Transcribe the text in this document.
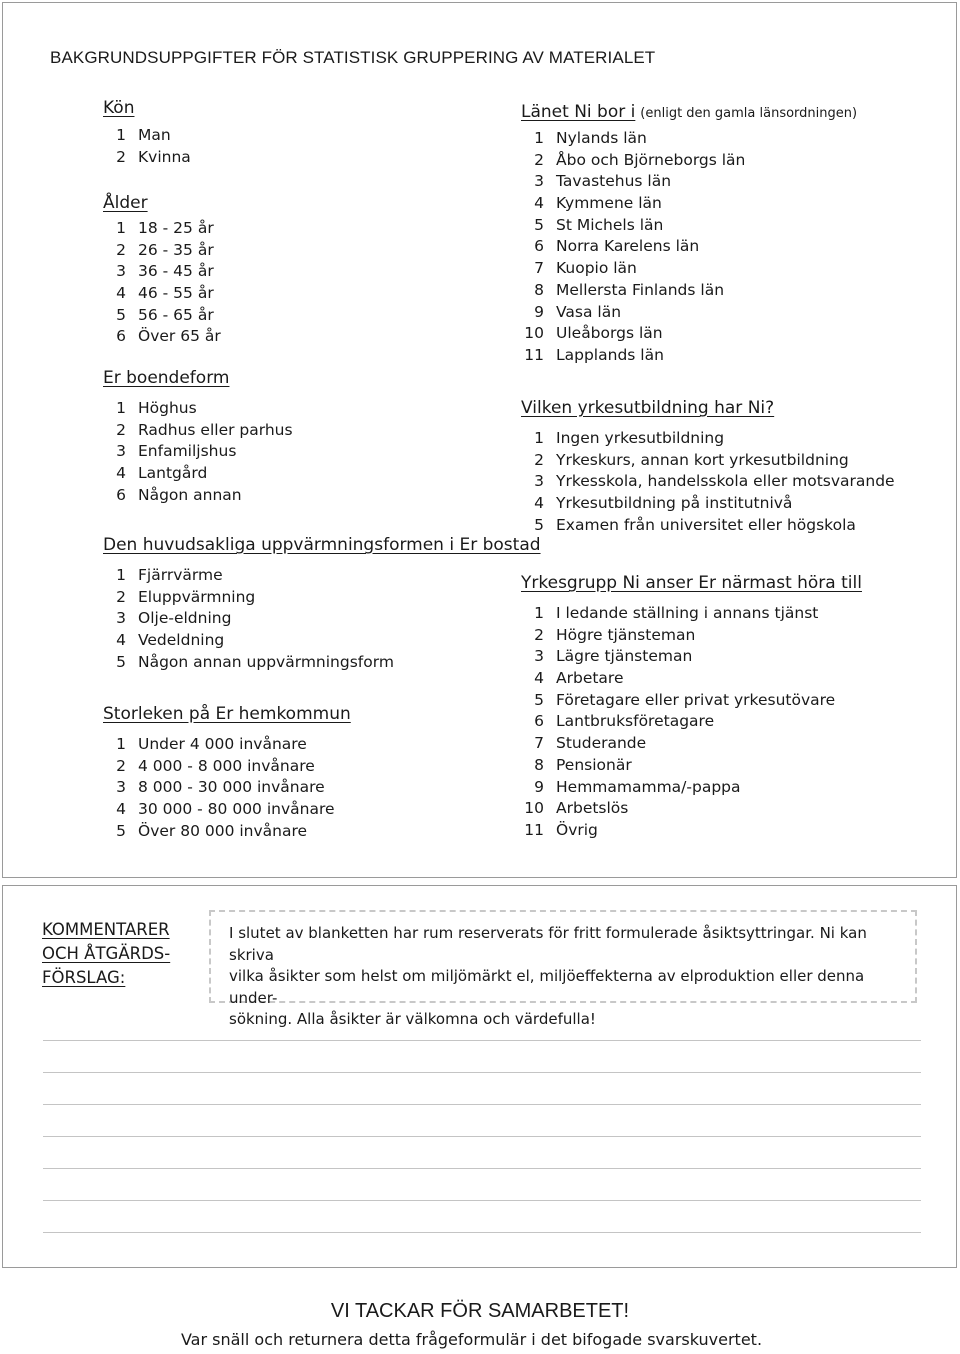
BAKGRUNDSUPPGIFTER FÖR STATISTISK GRUPPERING AV MATERIALET
Kön
1 Man
2 Kvinna
Ålder
1 18 - 25 år
2 26 - 35 år
3 36 - 45 år
4 46 - 55 år
5 56 - 65 år
6 Över 65 år
Er boendeform
1 Höghus
2 Radhus eller parhus
3 Enfamiljshus
4 Lantgård
6 Någon annan
Den huvudsakliga uppvärmningsformen i Er bostad
1 Fjärrvärme
2 Eluppvärmning
3 Olje-eldning
4 Vedeldning
5 Någon annan uppvärmningsform
Storleken på Er hemkommun
1 Under 4 000 invånare
2 4 000 - 8 000 invånare
3 8 000 - 30 000 invånare
4 30 000 - 80 000 invånare
5 Över 80 000 invånare
Länet Ni bor i (enligt den gamla länsordningen)
1 Nylands län
2 Åbo och Björneborgs län
3 Tavastehus län
4 Kymmene län
5 St Michels län
6 Norra Karelens län
7 Kuopio län
8 Mellersta Finlands län
9 Vasa län
10 Uleåborgs län
11 Lapplands län
Vilken yrkesutbildning har Ni?
1 Ingen yrkesutbildning
2 Yrkeskurs, annan kort yrkesutbildning
3 Yrkesskola, handelsskola eller motsvarande
4 Yrkesutbildning på institutnivå
5 Examen från universitet eller högskola
Yrkesgrupp Ni anser Er närmast höra till
1 I ledande ställning i annans tjänst
2 Högre tjänsteman
3 Lägre tjänsteman
4 Arbetare
5 Företagare eller privat yrkesutövare
6 Lantbruksföretagare
7 Studerande
8 Pensionär
9 Hemmamamma/-pappa
10 Arbetslös
11 Övrig
KOMMENTARER
OCH ÅTGÄRDS-
FÖRSLAG:
I slutet av blanketten har rum reserverats för fritt formulerade åsiktsyttringar. Ni kan skriva
vilka åsikter som helst om miljömärkt el, miljöeffekterna av elproduktion eller denna under-
sökning. Alla åsikter är välkomna och värdefulla!
VI TACKAR FÖR SAMARBETET!
Var snäll och returnera detta frågeformulär i det bifogade svarskuvertet.
